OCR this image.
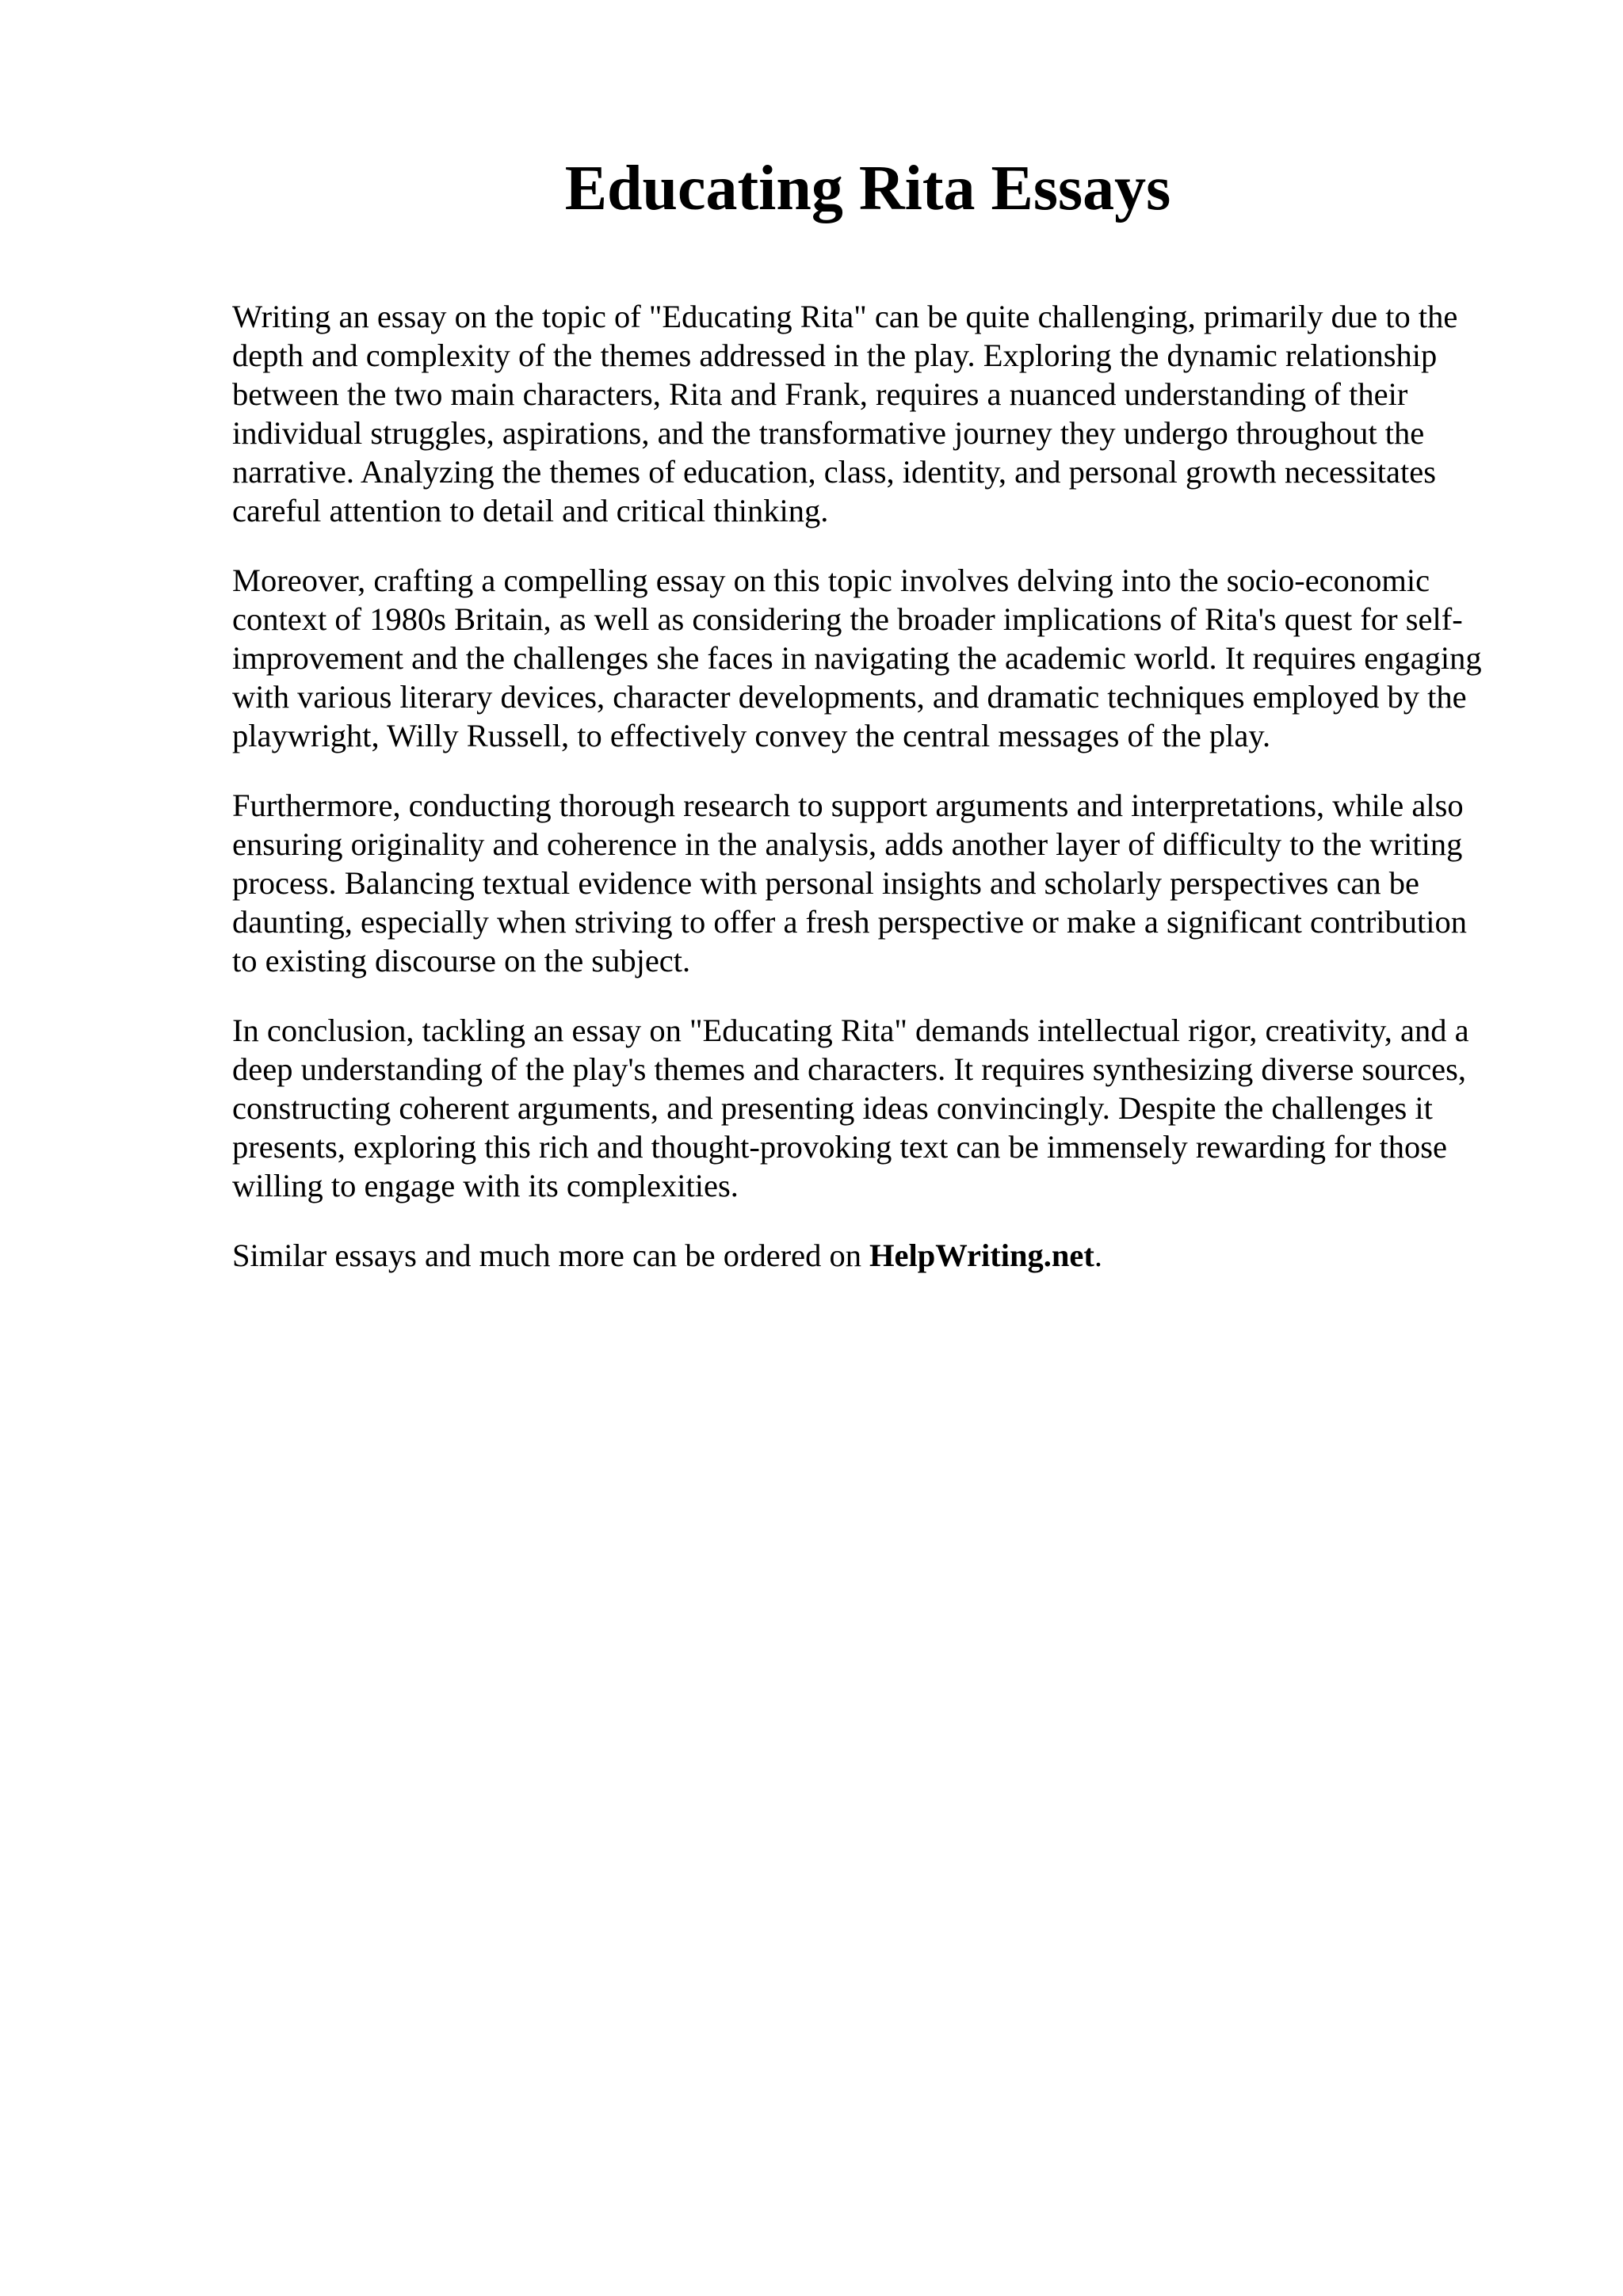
Educating Rita Essays

Writing an essay on the topic of "Educating Rita" can be quite challenging, primarily due to the
depth and complexity of the themes addressed in the play. Exploring the dynamic relationship
between the two main characters, Rita and Frank, requires a nuanced understanding of their
individual struggles, aspirations, and the transformative journey they undergo throughout the
narrative. Analyzing the themes of education, class, identity, and personal growth necessitates
careful attention to detail and critical thinking.

Moreover, crafting a compelling essay on this topic involves delving into the socio-economic
context of 1980s Britain, as well as considering the broader implications of Rita's quest for self-
improvement and the challenges she faces in navigating the academic world. It requires engaging
with various literary devices, character developments, and dramatic techniques employed by the
playwright, Willy Russell, to effectively convey the central messages of the play.

Furthermore, conducting thorough research to support arguments and interpretations, while also
ensuring originality and coherence in the analysis, adds another layer of difficulty to the writing
process. Balancing textual evidence with personal insights and scholarly perspectives can be
daunting, especially when striving to offer a fresh perspective or make a significant contribution
to existing discourse on the subject.

In conclusion, tackling an essay on "Educating Rita" demands intellectual rigor, creativity, and a
deep understanding of the play's themes and characters. It requires synthesizing diverse sources,
constructing coherent arguments, and presenting ideas convincingly. Despite the challenges it
presents, exploring this rich and thought-provoking text can be immensely rewarding for those
willing to engage with its complexities.

Similar essays and much more can be ordered on HelpWriting.net.
